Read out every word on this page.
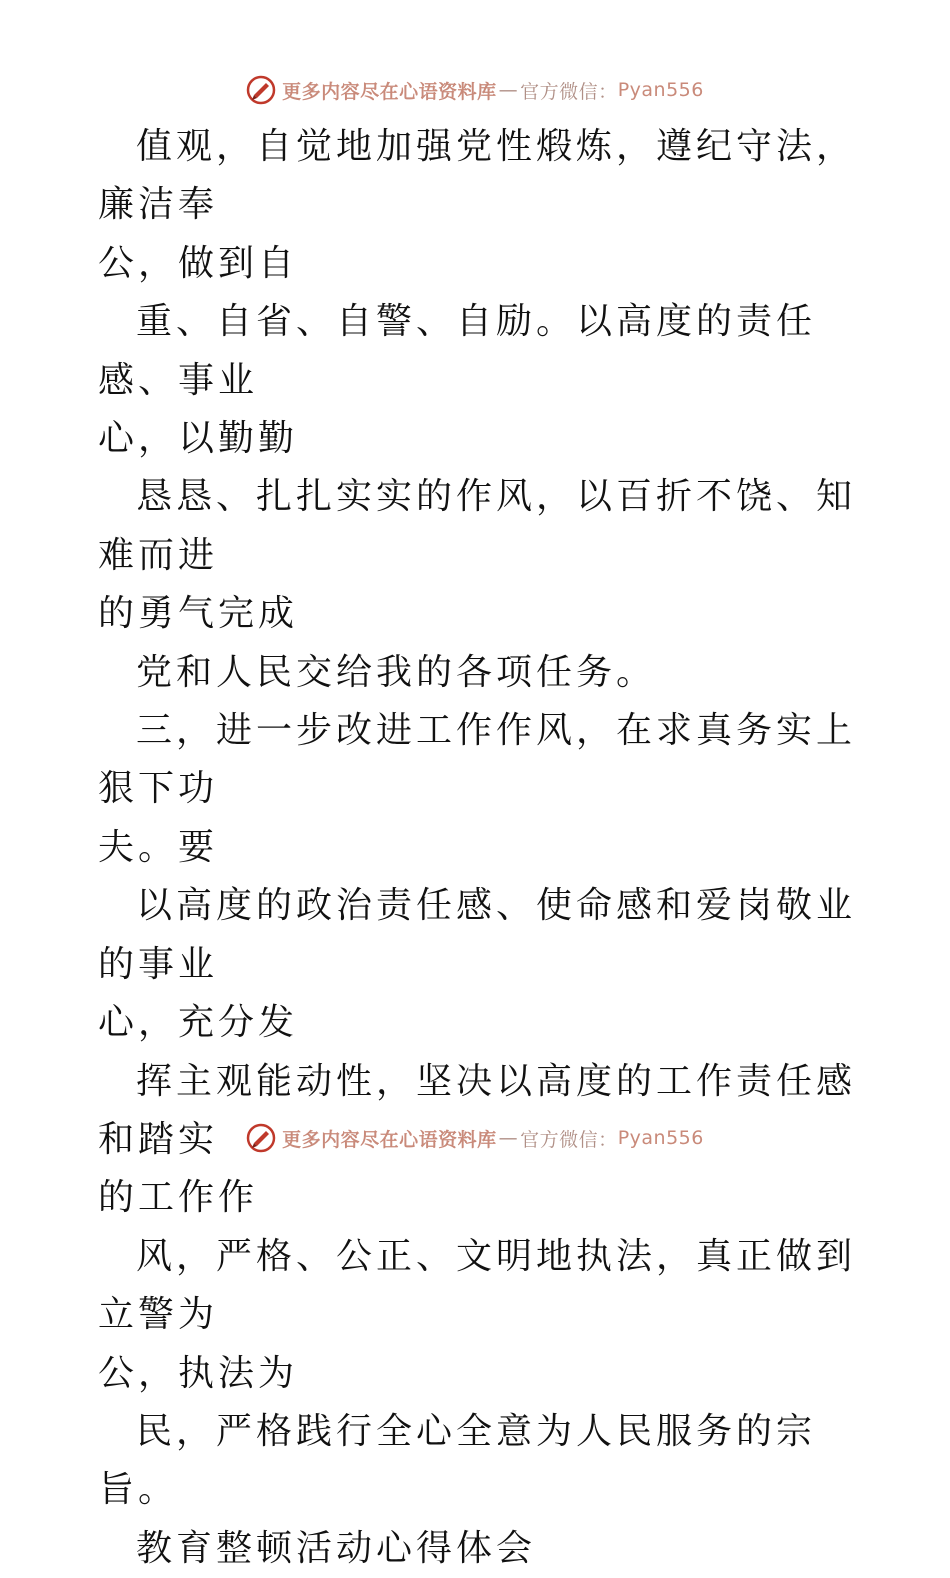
更多内容尽在心语资料库 — 官方微信： Pyan556

值观，自觉地加强党性煅炼，遵纪守法，廉洁奉

公，做到自

重、自省、自警、自励。以高度的责任感、事业

心，以勤勤

恳恳、扎扎实实的作风，以百折不饶、知难而进

的勇气完成

党和人民交给我的各项任务。

三，进一步改进工作作风，在求真务实上狠下功

夫。要

以高度的政治责任感、使命感和爱岗敬业的事业

心，充分发

挥主观能动性，坚决以高度的工作责任感和踏实

的工作作

风，严格、公正、文明地执法，真正做到立警为

公，执法为

民，严格践行全心全意为人民服务的宗旨。

教育整顿活动心得体会

更多内容尽在心语资料库 — 官方微信： Pyan556
